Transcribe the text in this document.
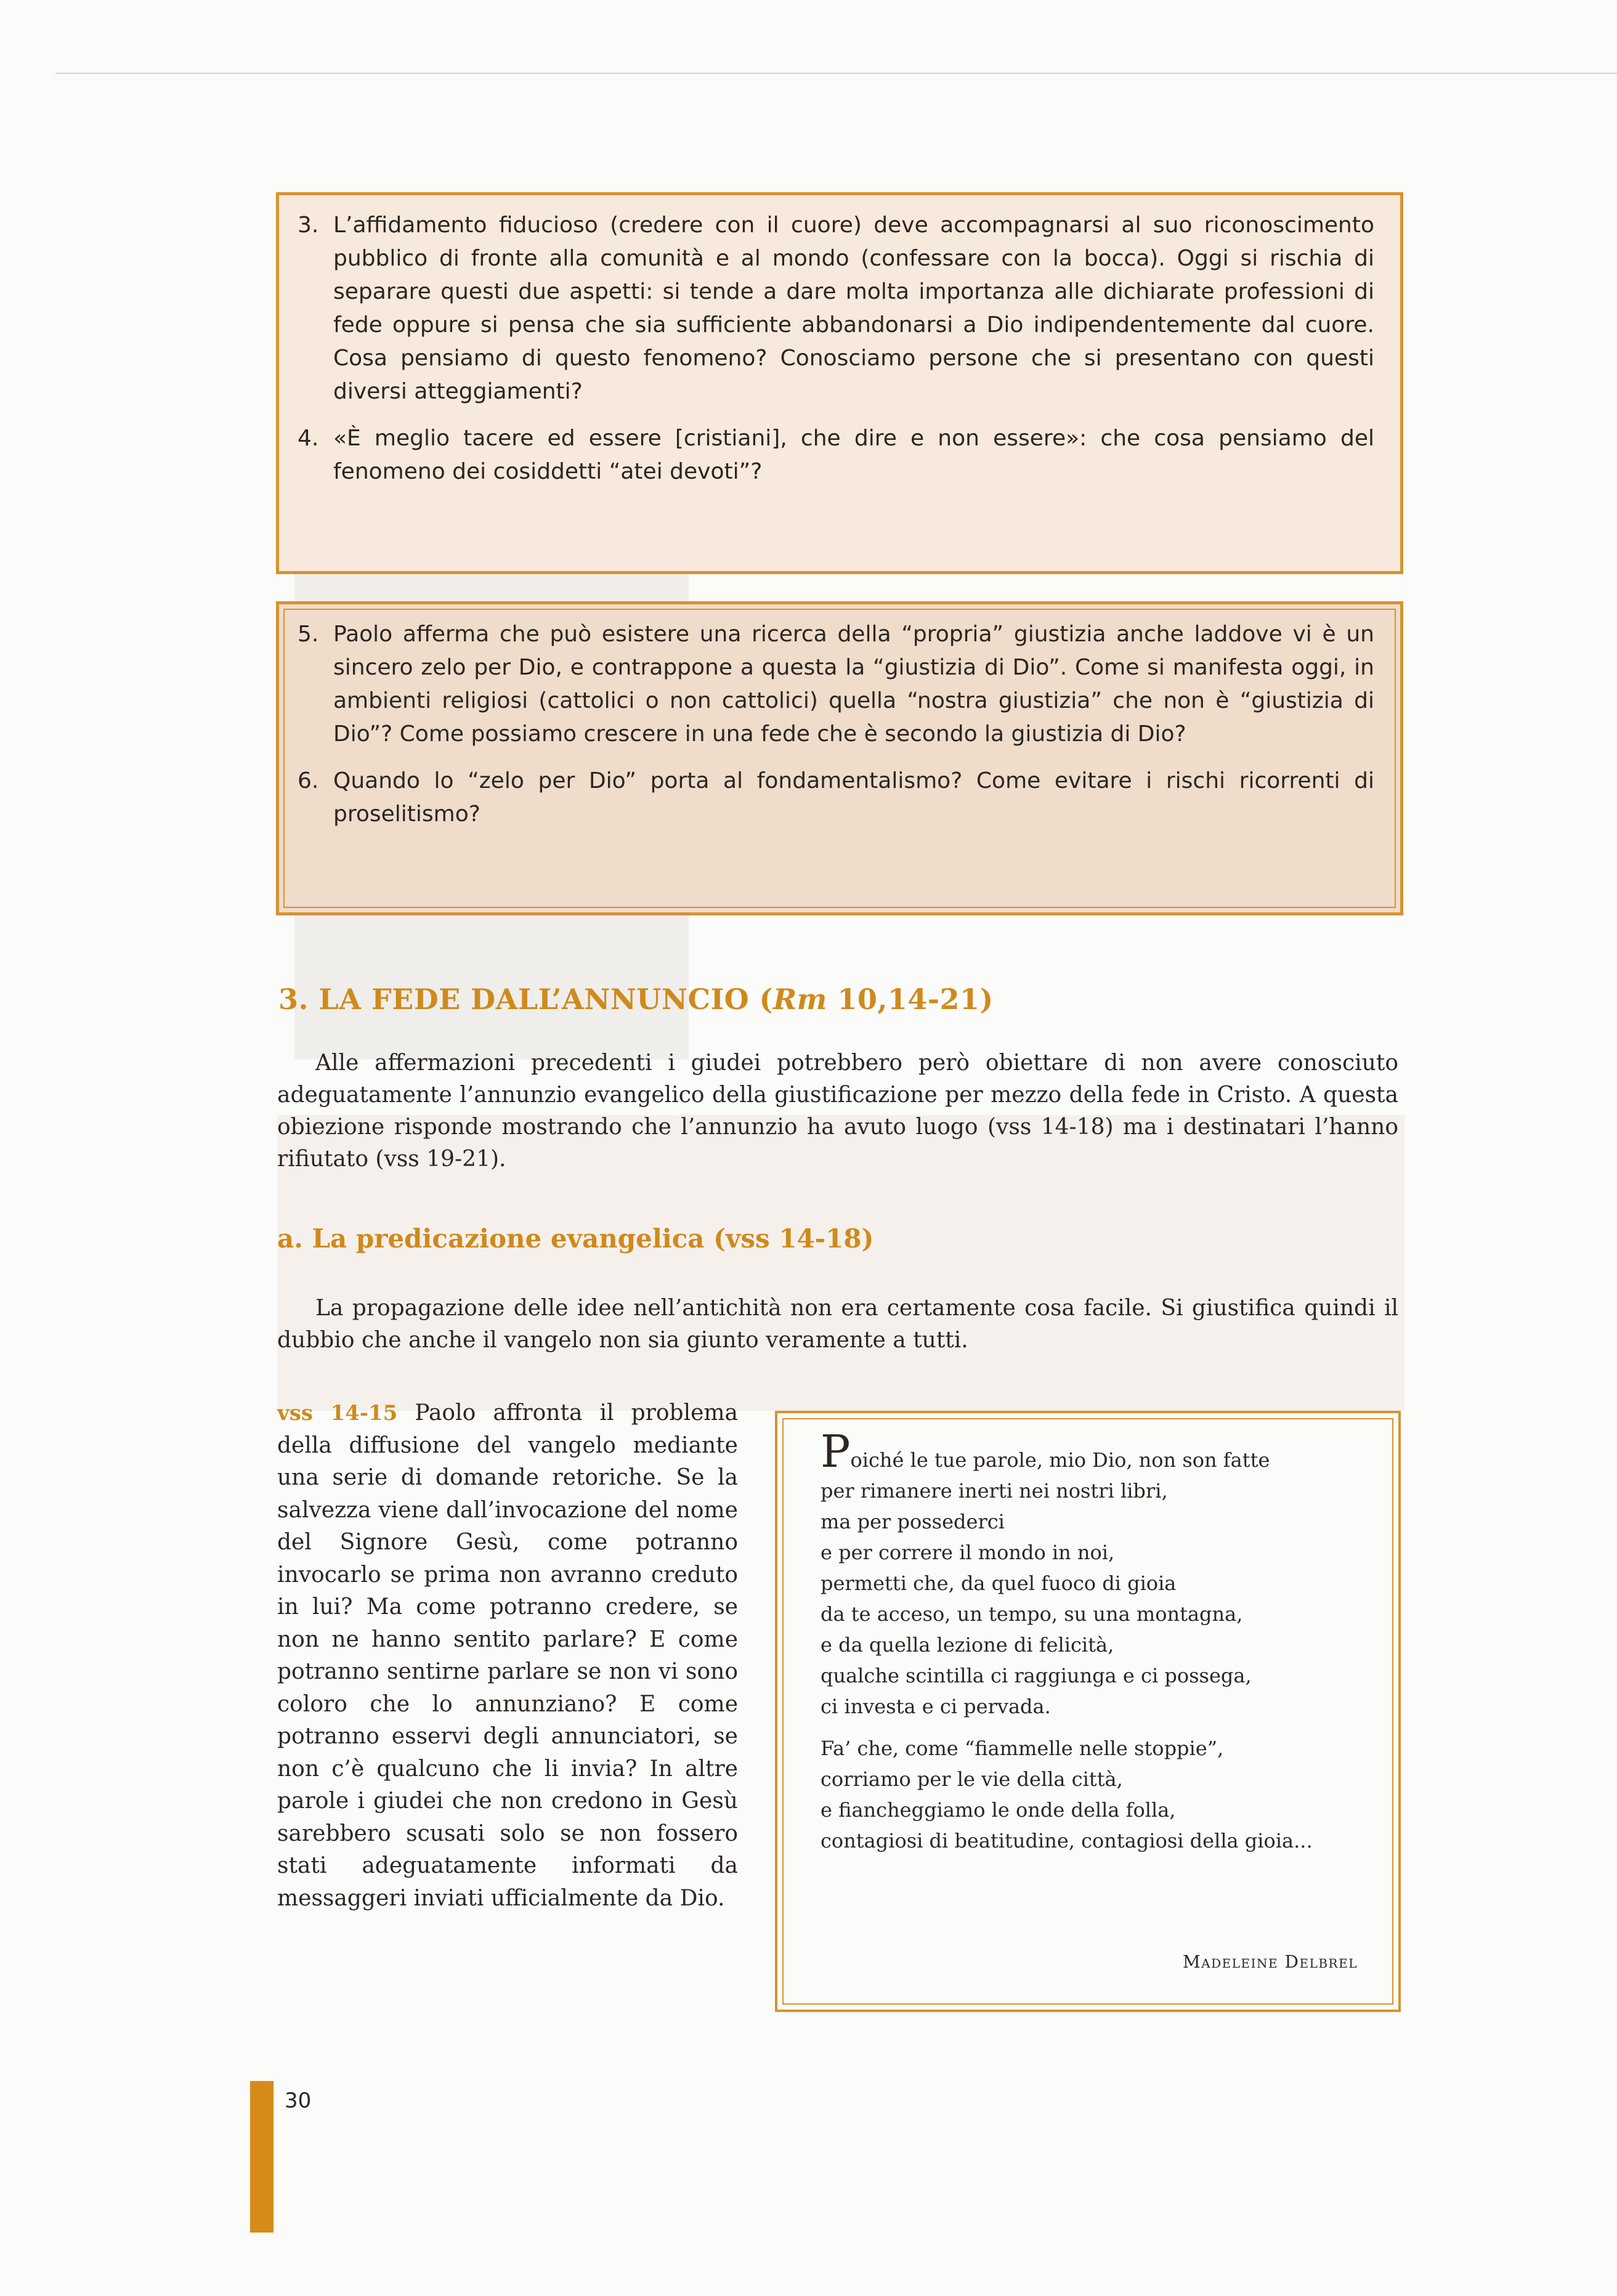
3. L’affidamento fiducioso (credere con il cuore) deve accompagnarsi al suo riconoscimento pubblico di fronte alla comunità e al mondo (confessare con la bocca). Oggi si rischia di separare questi due aspetti: si tende a dare molta importanza alle dichiarate professioni di fede oppure si pensa che sia sufficiente abbandonarsi a Dio indipendentemente dal cuore. Cosa pensiamo di questo fenomeno? Conosciamo persone che si presentano con questi diversi atteggiamenti?
4. «È meglio tacere ed essere [cristiani], che dire e non essere»: che cosa pensiamo del fenomeno dei cosiddetti “atei devoti”?
5. Paolo afferma che può esistere una ricerca della “propria” giustizia anche laddove vi è un sincero zelo per Dio, e contrappone a questa la “giustizia di Dio”. Come si manifesta oggi, in ambienti religiosi (cattolici o non cattolici) quella “nostra giustizia” che non è “giustizia di Dio”? Come possiamo crescere in una fede che è secondo la giustizia di Dio?
6. Quando lo “zelo per Dio” porta al fondamentalismo? Come evitare i rischi ricorrenti di proselitismo?
3. LA FEDE DALL’ANNUNCIO (Rm 10,14-21)
Alle affermazioni precedenti i giudei potrebbero però obiettare di non avere conosciuto adeguatamente l’annunzio evangelico della giustificazione per mezzo della fede in Cristo. A questa obiezione risponde mostrando che l’annunzio ha avuto luogo (vss 14-18) ma i destinatari l’hanno rifiutato (vss 19-21).
a. La predicazione evangelica (vss 14-18)
La propagazione delle idee nell’antichità non era certamente cosa facile. Si giustifica quindi il dubbio che anche il vangelo non sia giunto veramente a tutti.
vss 14-15 Paolo affronta il problema della diffusione del vangelo mediante una serie di domande retoriche. Se la salvezza viene dall’invocazione del nome del Signore Gesù, come potranno invocarlo se prima non avranno creduto in lui? Ma come potranno credere, se non ne hanno sentito parlare? E come potranno sentirne parlare se non vi sono coloro che lo annunziano? E come potranno esservi degli annunciatori, se non c’è qualcuno che li invia? In altre parole i giudei che non credono in Gesù sarebbero scusati solo se non fossero stati adeguatamente informati da messaggeri inviati ufficialmente da Dio.
Poiché le tue parole, mio Dio, non son fatte
per rimanere inerti nei nostri libri,
ma per possederci
e per correre il mondo in noi,
permetti che, da quel fuoco di gioia
da te acceso, un tempo, su una montagna,
e da quella lezione di felicità,
qualche scintilla ci raggiunga e ci possega,
ci investa e ci pervada.
Fa’ che, come “fiammelle nelle stoppie”,
corriamo per le vie della città,
e fiancheggiamo le onde della folla,
contagiosi di beatitudine, contagiosi della gioia...
Madeleine Delbrel
30
